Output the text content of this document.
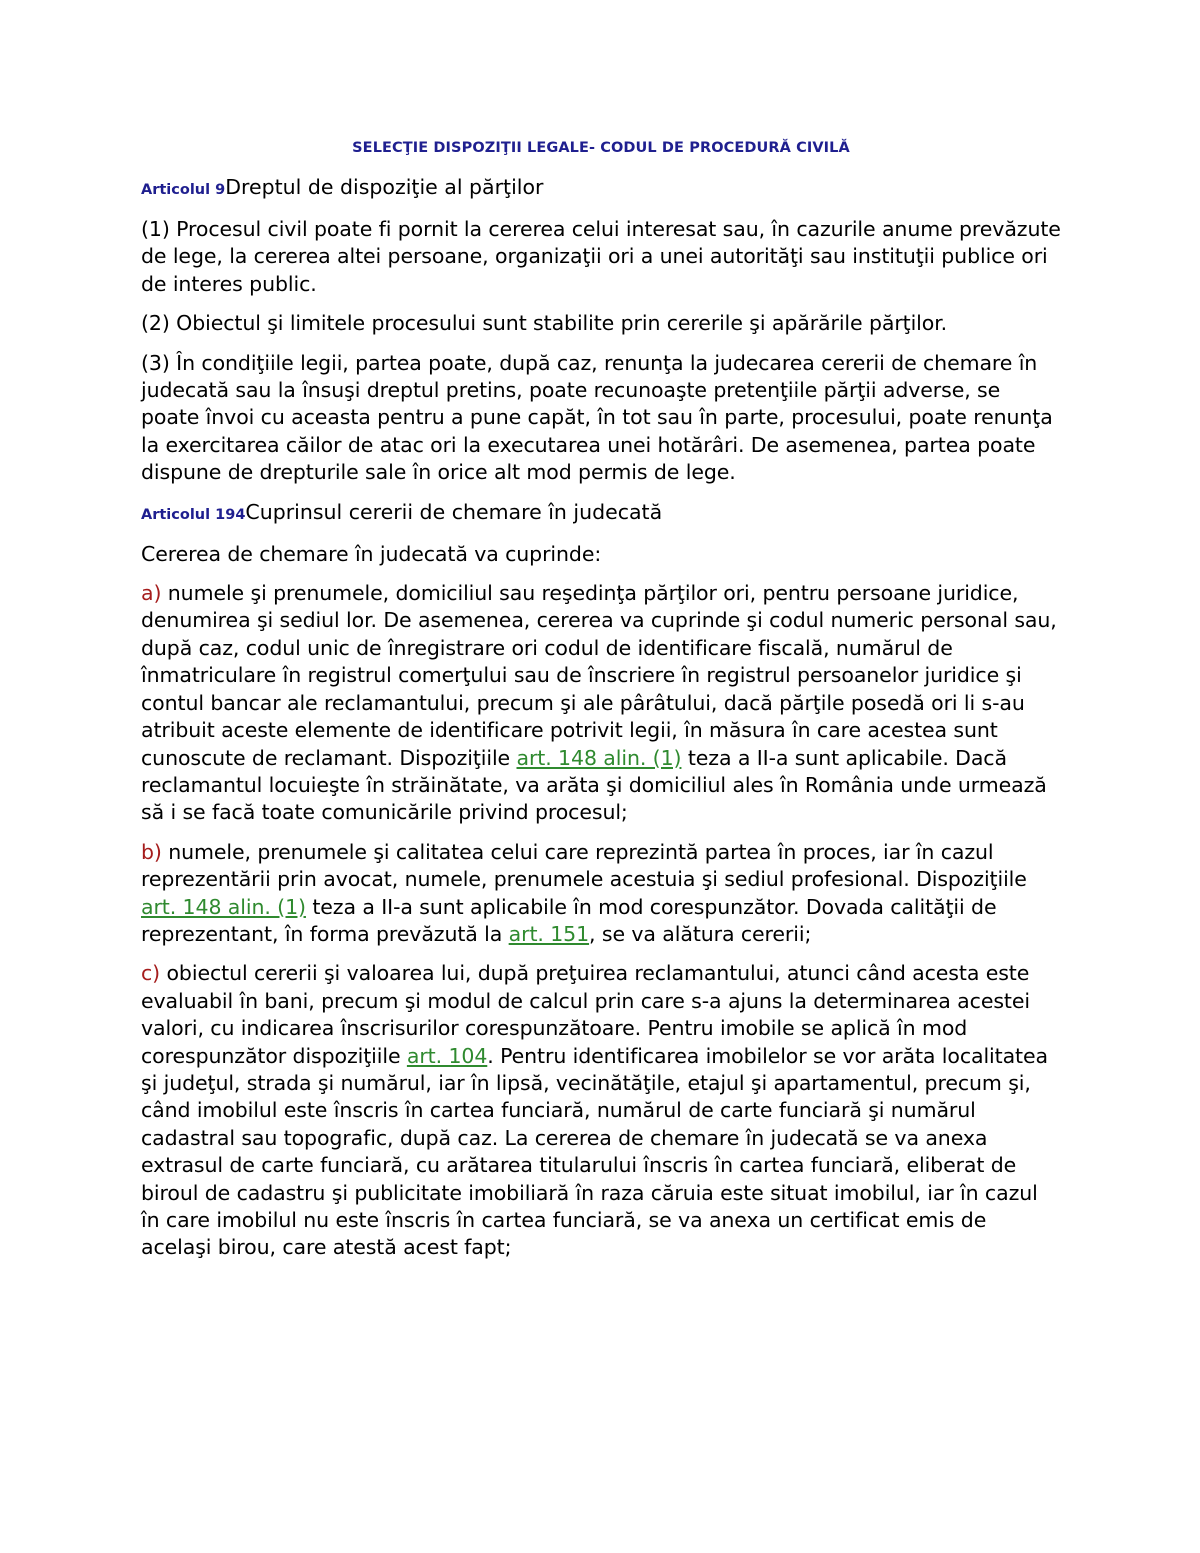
SELECŢIE DISPOZIŢII LEGALE- CODUL DE PROCEDURĂ CIVILĂ
Articolul 9Dreptul de dispoziţie al părţilor

(1) Procesul civil poate fi pornit la cererea celui interesat sau, în cazurile anume prevăzute de lege, la cererea altei persoane, organizaţii ori a unei autorităţi sau instituţii publice ori de interes public.

(2) Obiectul şi limitele procesului sunt stabilite prin cererile şi apărările părţilor.

(3) În condiţiile legii, partea poate, după caz, renunţa la judecarea cererii de chemare în judecată sau la însuşi dreptul pretins, poate recunoaşte pretenţiile părţii adverse, se poate învoi cu aceasta pentru a pune capăt, în tot sau în parte, procesului, poate renunţa la exercitarea căilor de atac ori la executarea unei hotărâri. De asemenea, partea poate dispune de drepturile sale în orice alt mod permis de lege.

Articolul 194Cuprinsul cererii de chemare în judecată

Cererea de chemare în judecată va cuprinde:

a) numele şi prenumele, domiciliul sau reşedinţa părţilor ori, pentru persoane juridice, denumirea şi sediul lor. De asemenea, cererea va cuprinde şi codul numeric personal sau, după caz, codul unic de înregistrare ori codul de identificare fiscală, numărul de înmatriculare în registrul comerţului sau de înscriere în registrul persoanelor juridice şi contul bancar ale reclamantului, precum şi ale pârâtului, dacă părţile posedă ori li s-au atribuit aceste elemente de identificare potrivit legii, în măsura în care acestea sunt cunoscute de reclamant. Dispoziţiile art. 148 alin. (1) teza a II-a sunt aplicabile. Dacă reclamantul locuieşte în străinătate, va arăta şi domiciliul ales în România unde urmează să i se facă toate comunicările privind procesul;

b) numele, prenumele şi calitatea celui care reprezintă partea în proces, iar în cazul reprezentării prin avocat, numele, prenumele acestuia şi sediul profesional. Dispoziţiile art. 148 alin. (1) teza a II-a sunt aplicabile în mod corespunzător. Dovada calităţii de reprezentant, în forma prevăzută la art. 151, se va alătura cererii;

c) obiectul cererii şi valoarea lui, după preţuirea reclamantului, atunci când acesta este evaluabil în bani, precum şi modul de calcul prin care s-a ajuns la determinarea acestei valori, cu indicarea înscrisurilor corespunzătoare. Pentru imobile se aplică în mod corespunzător dispoziţiile art. 104. Pentru identificarea imobilelor se vor arăta localitatea şi judeţul, strada şi numărul, iar în lipsă, vecinătăţile, etajul şi apartamentul, precum şi, când imobilul este înscris în cartea funciară, numărul de carte funciară şi numărul cadastral sau topografic, după caz. La cererea de chemare în judecată se va anexa extrasul de carte funciară, cu arătarea titularului înscris în cartea funciară, eliberat de biroul de cadastru şi publicitate imobiliară în raza căruia este situat imobilul, iar în cazul în care imobilul nu este înscris în cartea funciară, se va anexa un certificat emis de acelaşi birou, care atestă acest fapt;
